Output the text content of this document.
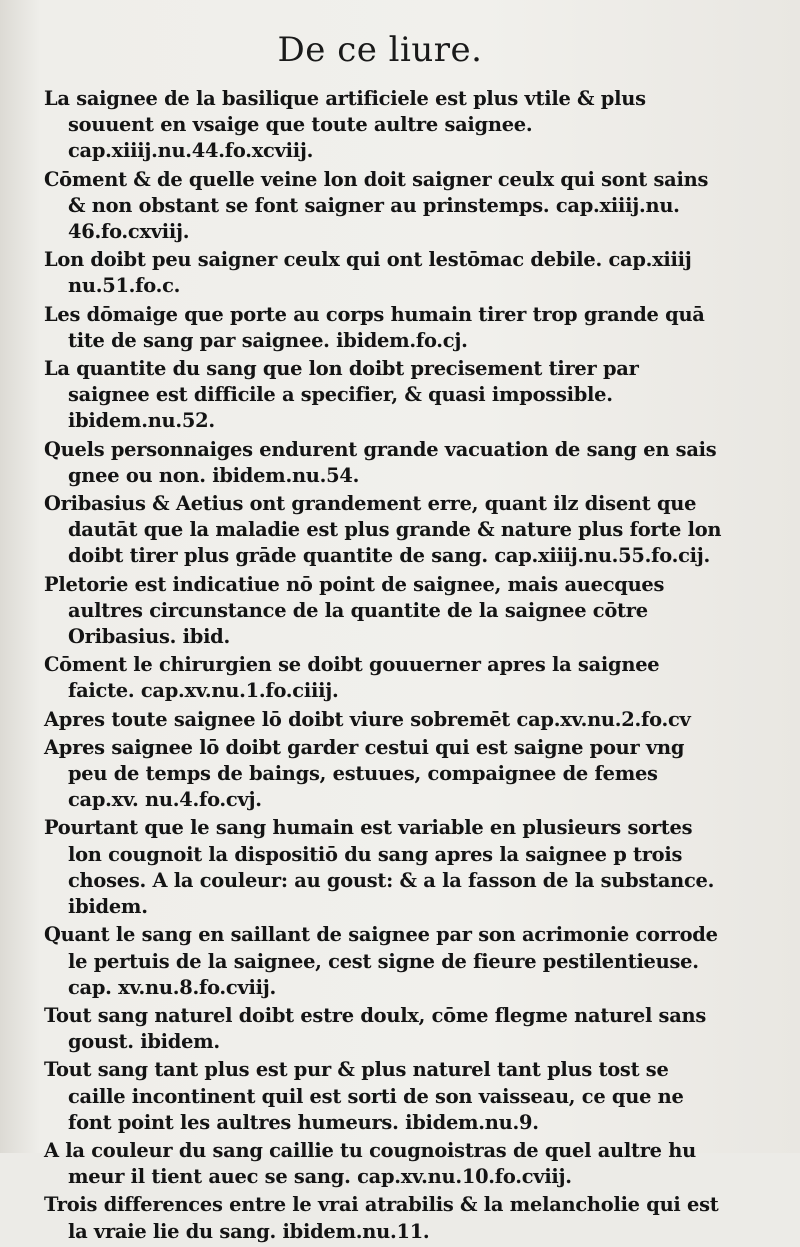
De ce liure.

La saignee de la basilique artificiele est plus vtile & plus souuent en vsaige que toute aultre saignee. cap.xiiij.nu.44.fo.xcviij.

Cōment & de quelle veine lon doit saigner ceulx qui sont sains & non obstant se font saigner au prinstemps. cap.xiiij.nu. 46.fo.cxviij.

Lon doibt peu saigner ceulx qui ont lestōmac debile. cap.xiiij nu.51.fo.c.

Les dōmaige que porte au corps humain tirer trop grande quā tite de sang par saignee. ibidem.fo.cj.

La quantite du sang que lon doibt precisement tirer par saignee est difficile a specifier, & quasi impossible. ibidem.nu.52.

Quels personnaiges endurent grande vacuation de sang en sais gnee ou non. ibidem.nu.54.

Oribasius & Aetius ont grandement erre, quant ilz disent que dautāt que la maladie est plus grande & nature plus forte lon doibt tirer plus grāde quantite de sang. cap.xiiij.nu.55.fo.cij.

Pletorie est indicatiue nō point de saignee, mais auecques aultres circunstance de la quantite de la saignee cōtre Oribasius. ibid.

Cōment le chirurgien se doibt gouuerner apres la saignee faicte. cap.xv.nu.1.fo.ciiij.

Apres toute saignee lō doibt viure sobremēt cap.xv.nu.2.fo.cv

Apres saignee lō doibt garder cestui qui est saigne pour vng peu de temps de baings, estuues, compaignee de femes cap.xv. nu.4.fo.cvj.

Pourtant que le sang humain est variable en plusieurs sortes lon cougnoit la dispositiō du sang apres la saignee p trois choses. A la couleur: au goust: & a la fasson de la substance. ibidem.

Quant le sang en saillant de saignee par son acrimonie corrode le pertuis de la saignee, cest signe de fieure pestilentieuse. cap. xv.nu.8.fo.cviij.

Tout sang naturel doibt estre doulx, cōme flegme naturel sans goust. ibidem.

Tout sang tant plus est pur & plus naturel tant plus tost se caille incontinent quil est sorti de son vaisseau, ce que ne font point les aultres humeurs. ibidem.nu.9.

A la couleur du sang caillie tu cougnoistras de quel aultre hu meur il tient auec se sang. cap.xv.nu.10.fo.cviij.

Trois differences entre le vrai atrabilis & la melancholie qui est la vraie lie du sang. ibidem.nu.11.
